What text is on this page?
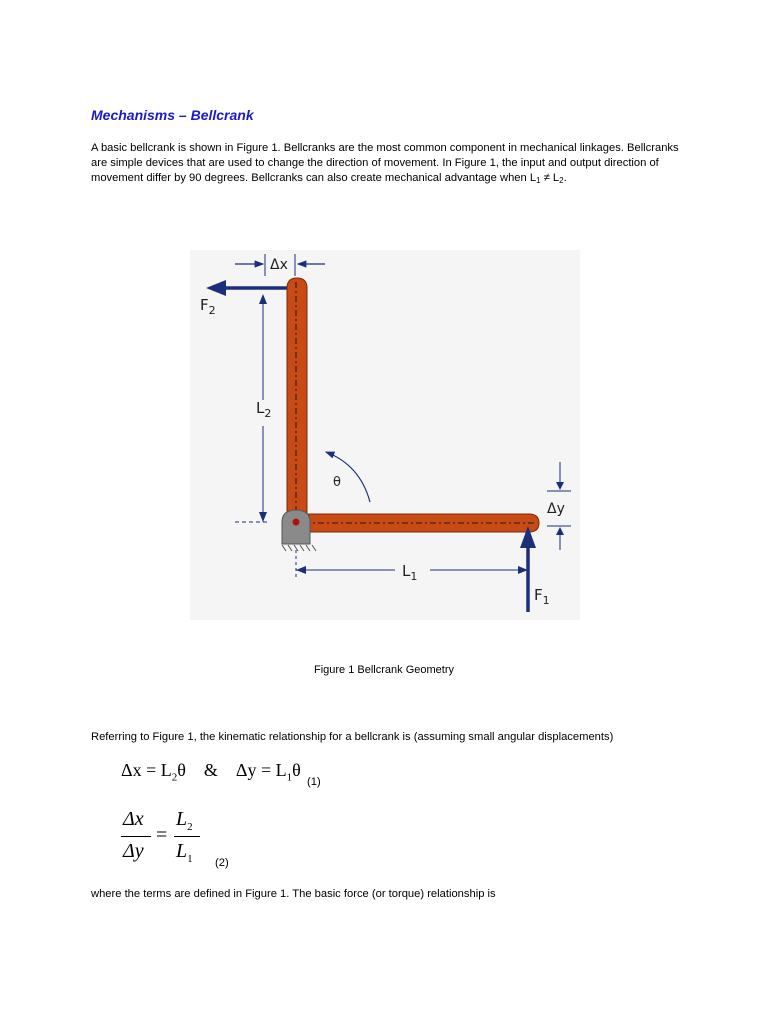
Mechanisms – Bellcrank
A basic bellcrank is shown in Figure 1. Bellcranks are the most common component in mechanical linkages. Bellcranks are simple devices that are used to change the direction of movement. In Figure 1, the input and output direction of movement differ by 90 degrees. Bellcranks can also create mechanical advantage when $L_1 \ne L_2$.
Δx
$F_2$
$L_2$
θ
Δy
$L_1$
$F_1$
Figure 1 Bellcrank Geometry
Referring to Figure 1, the kinematic relationship for a bellcrank is (assuming small angular displacements)
$\Delta x = L_2\theta$ & $\Delta y = L_1\theta$
(1)
Δx
Δy
=
$L_2$
$L_1$ (2)
where the terms are defined in Figure 1. The basic force (or torque) relationship is
